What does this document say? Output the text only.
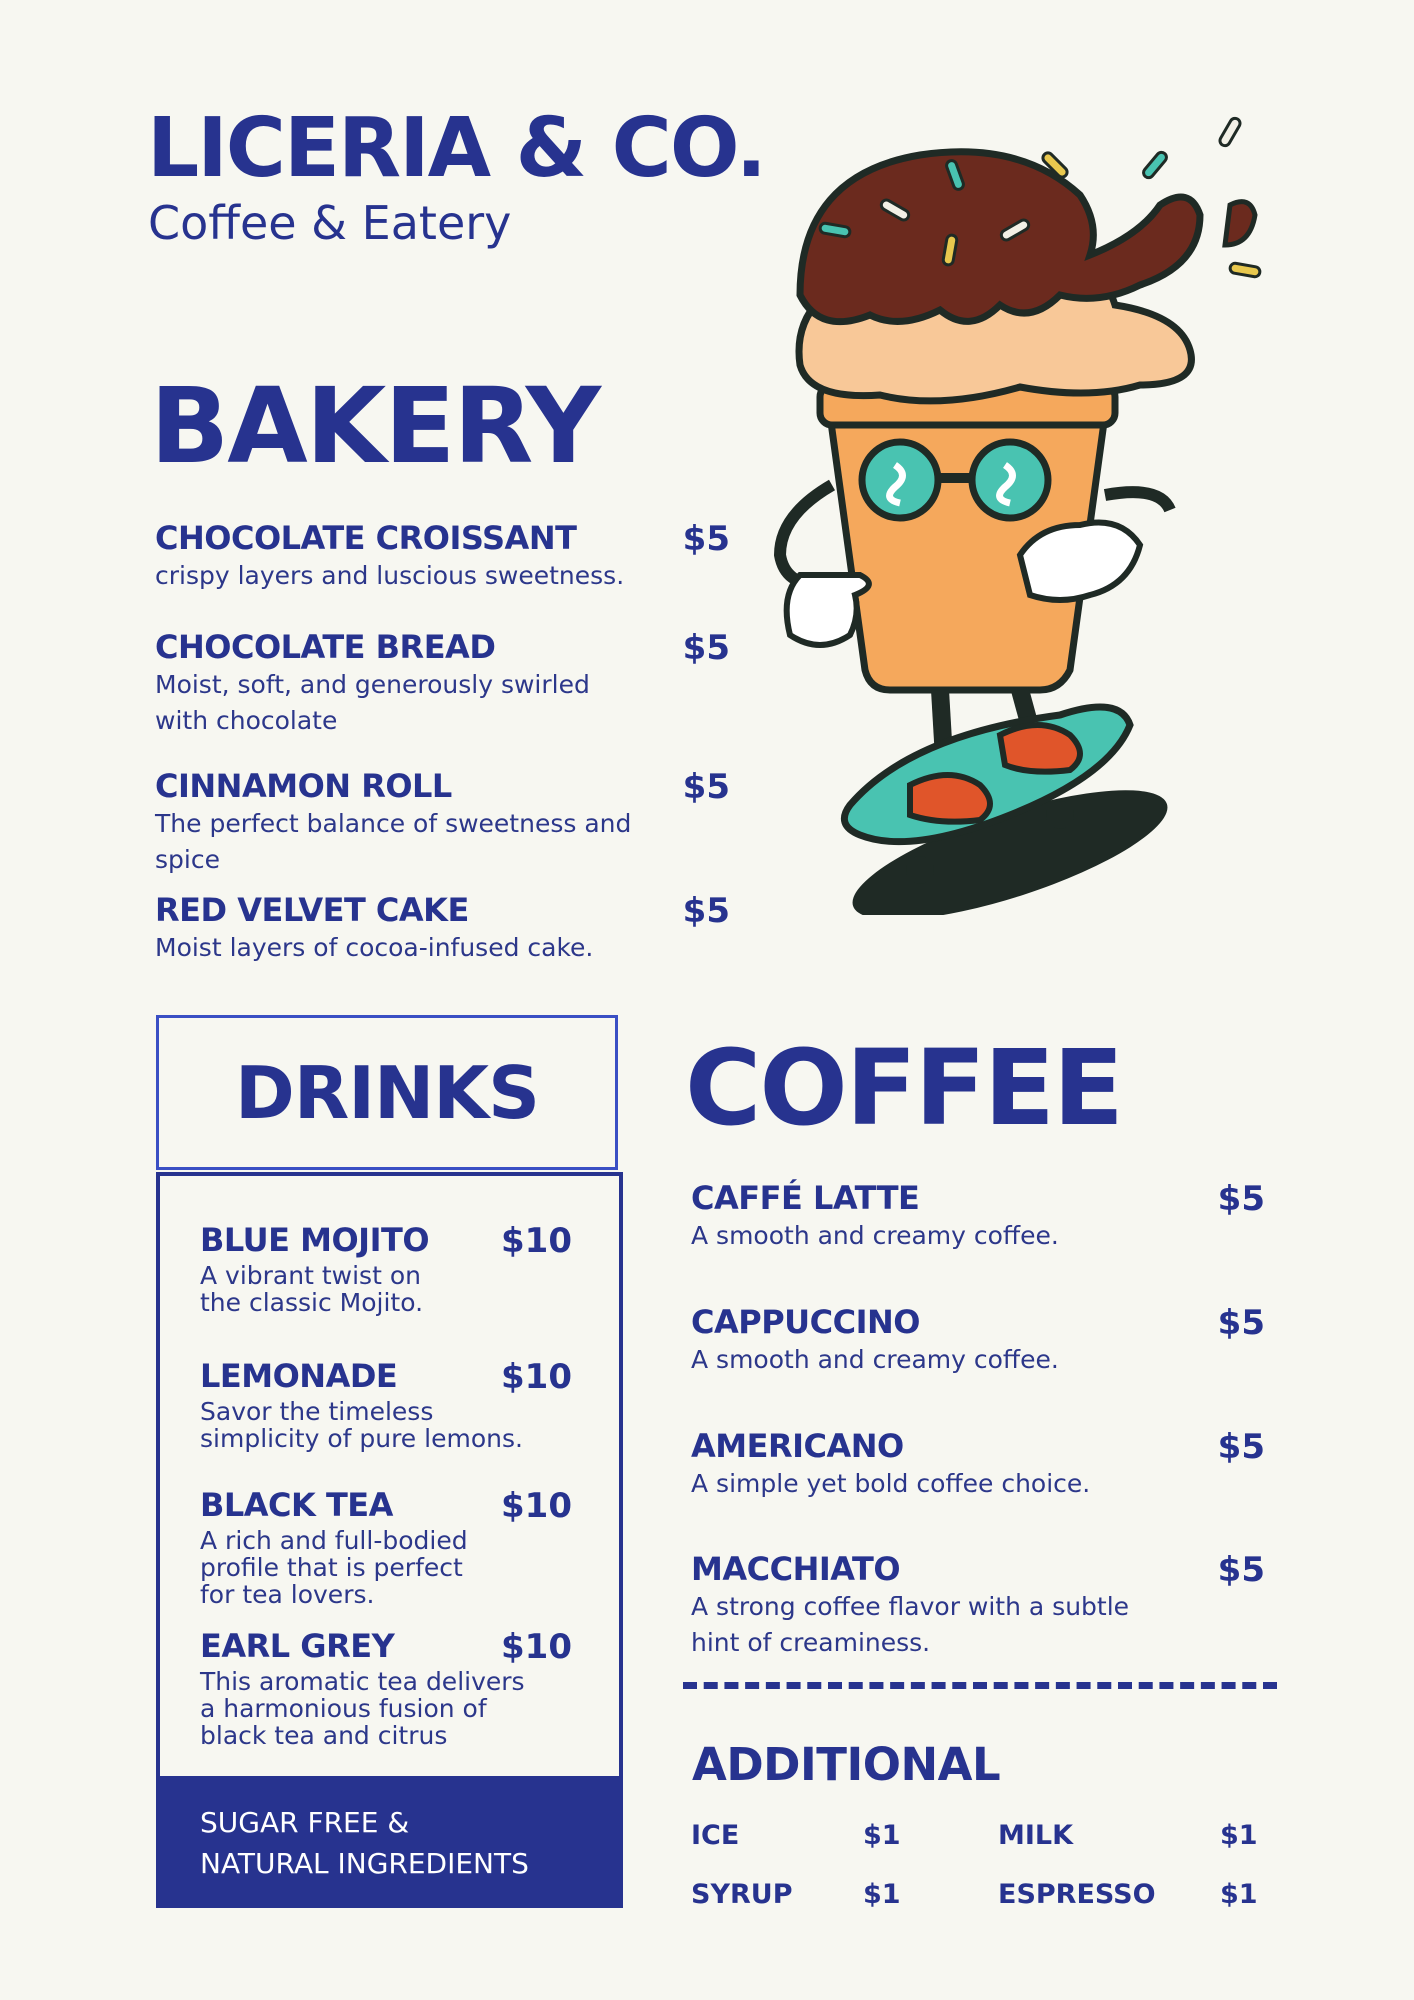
LICERIA & CO.
Coffee & Eatery
BAKERY
CHOCOLATE CROISSANT	$5
crispy layers and luscious sweetness.
CHOCOLATE BREAD	$5
Moist, soft, and generously swirled
with chocolate
CINNAMON ROLL	$5
The perfect balance of sweetness and
spice
RED VELVET CAKE	$5
Moist layers of cocoa-infused cake.
DRINKS
BLUE MOJITO	$10
A vibrant twist on
the classic Mojito.
LEMONADE	$10
Savor the timeless
simplicity of pure lemons.
BLACK TEA	$10
A rich and full-bodied
profile that is perfect
for tea lovers.
EARL GREY	$10
This aromatic tea delivers
a harmonious fusion of
black tea and citrus
SUGAR FREE &
NATURAL INGREDIENTS
COFFEE
CAFFÉ LATTE	$5
A smooth and creamy coffee.
CAPPUCCINO	$5
A smooth and creamy coffee.
AMERICANO	$5
A simple yet bold coffee choice.
MACCHIATO	$5
A strong coffee flavor with a subtle
hint of creaminess.
ADDITIONAL
ICE	$1	MILK	$1
SYRUP	$1	ESPRESSO $1
